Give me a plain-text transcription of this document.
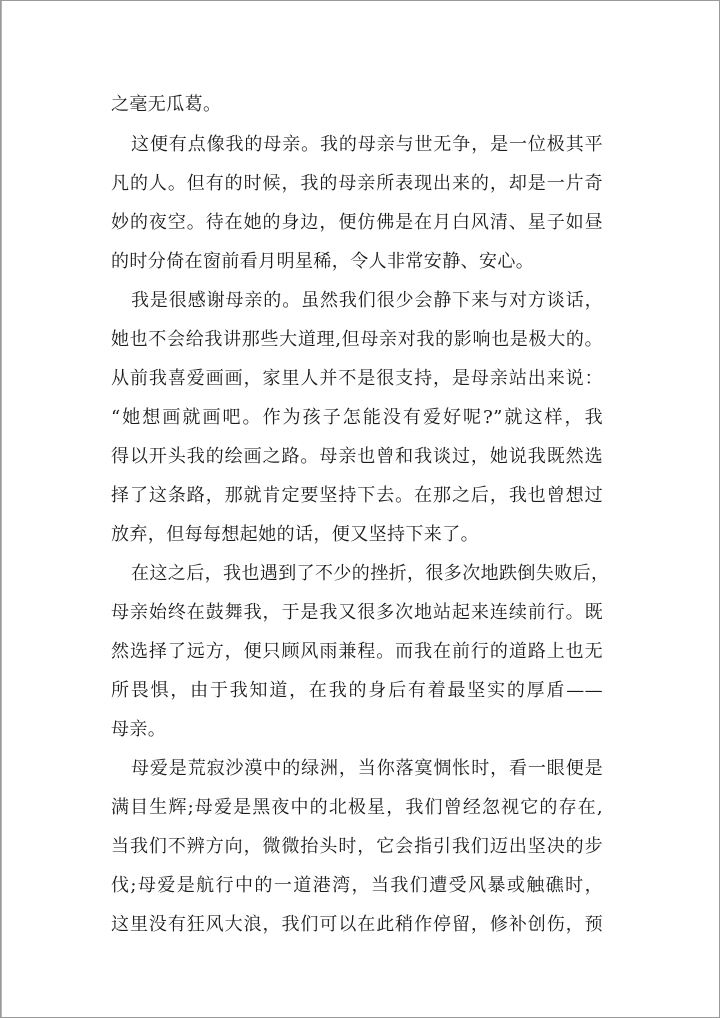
之毫无瓜葛。

这便有点像我的母亲。我的母亲与世无争，是一位极其平

凡的人。但有的时候，我的母亲所表现出来的，却是一片奇

妙的夜空。待在她的身边，便仿佛是在月白风清、星子如昼

的时分倚在窗前看月明星稀，令人非常安静、安心。

我是很感谢母亲的。虽然我们很少会静下来与对方谈话，

她也不会给我讲那些大道理,但母亲对我的影响也是极大的。

从前我喜爱画画，家里人并不是很支持，是母亲站出来说：

“她想画就画吧。作为孩子怎能没有爱好呢?”就这样，我

得以开头我的绘画之路。母亲也曾和我谈过，她说我既然选

择了这条路，那就肯定要坚持下去。在那之后，我也曾想过

放弃，但每每想起她的话，便又坚持下来了。

在这之后，我也遇到了不少的挫折，很多次地跌倒失败后，

母亲始终在鼓舞我，于是我又很多次地站起来连续前行。既

然选择了远方，便只顾风雨兼程。而我在前行的道路上也无

所畏惧，由于我知道，在我的身后有着最坚实的厚盾——

母亲。

母爱是荒寂沙漠中的绿洲，当你落寞惆怅时，看一眼便是

满目生辉;母爱是黑夜中的北极星，我们曾经忽视它的存在,

当我们不辨方向，微微抬头时，它会指引我们迈出坚决的步

伐;母爱是航行中的一道港湾，当我们遭受风暴或触礁时，

这里没有狂风大浪，我们可以在此稍作停留，修补创伤，预
